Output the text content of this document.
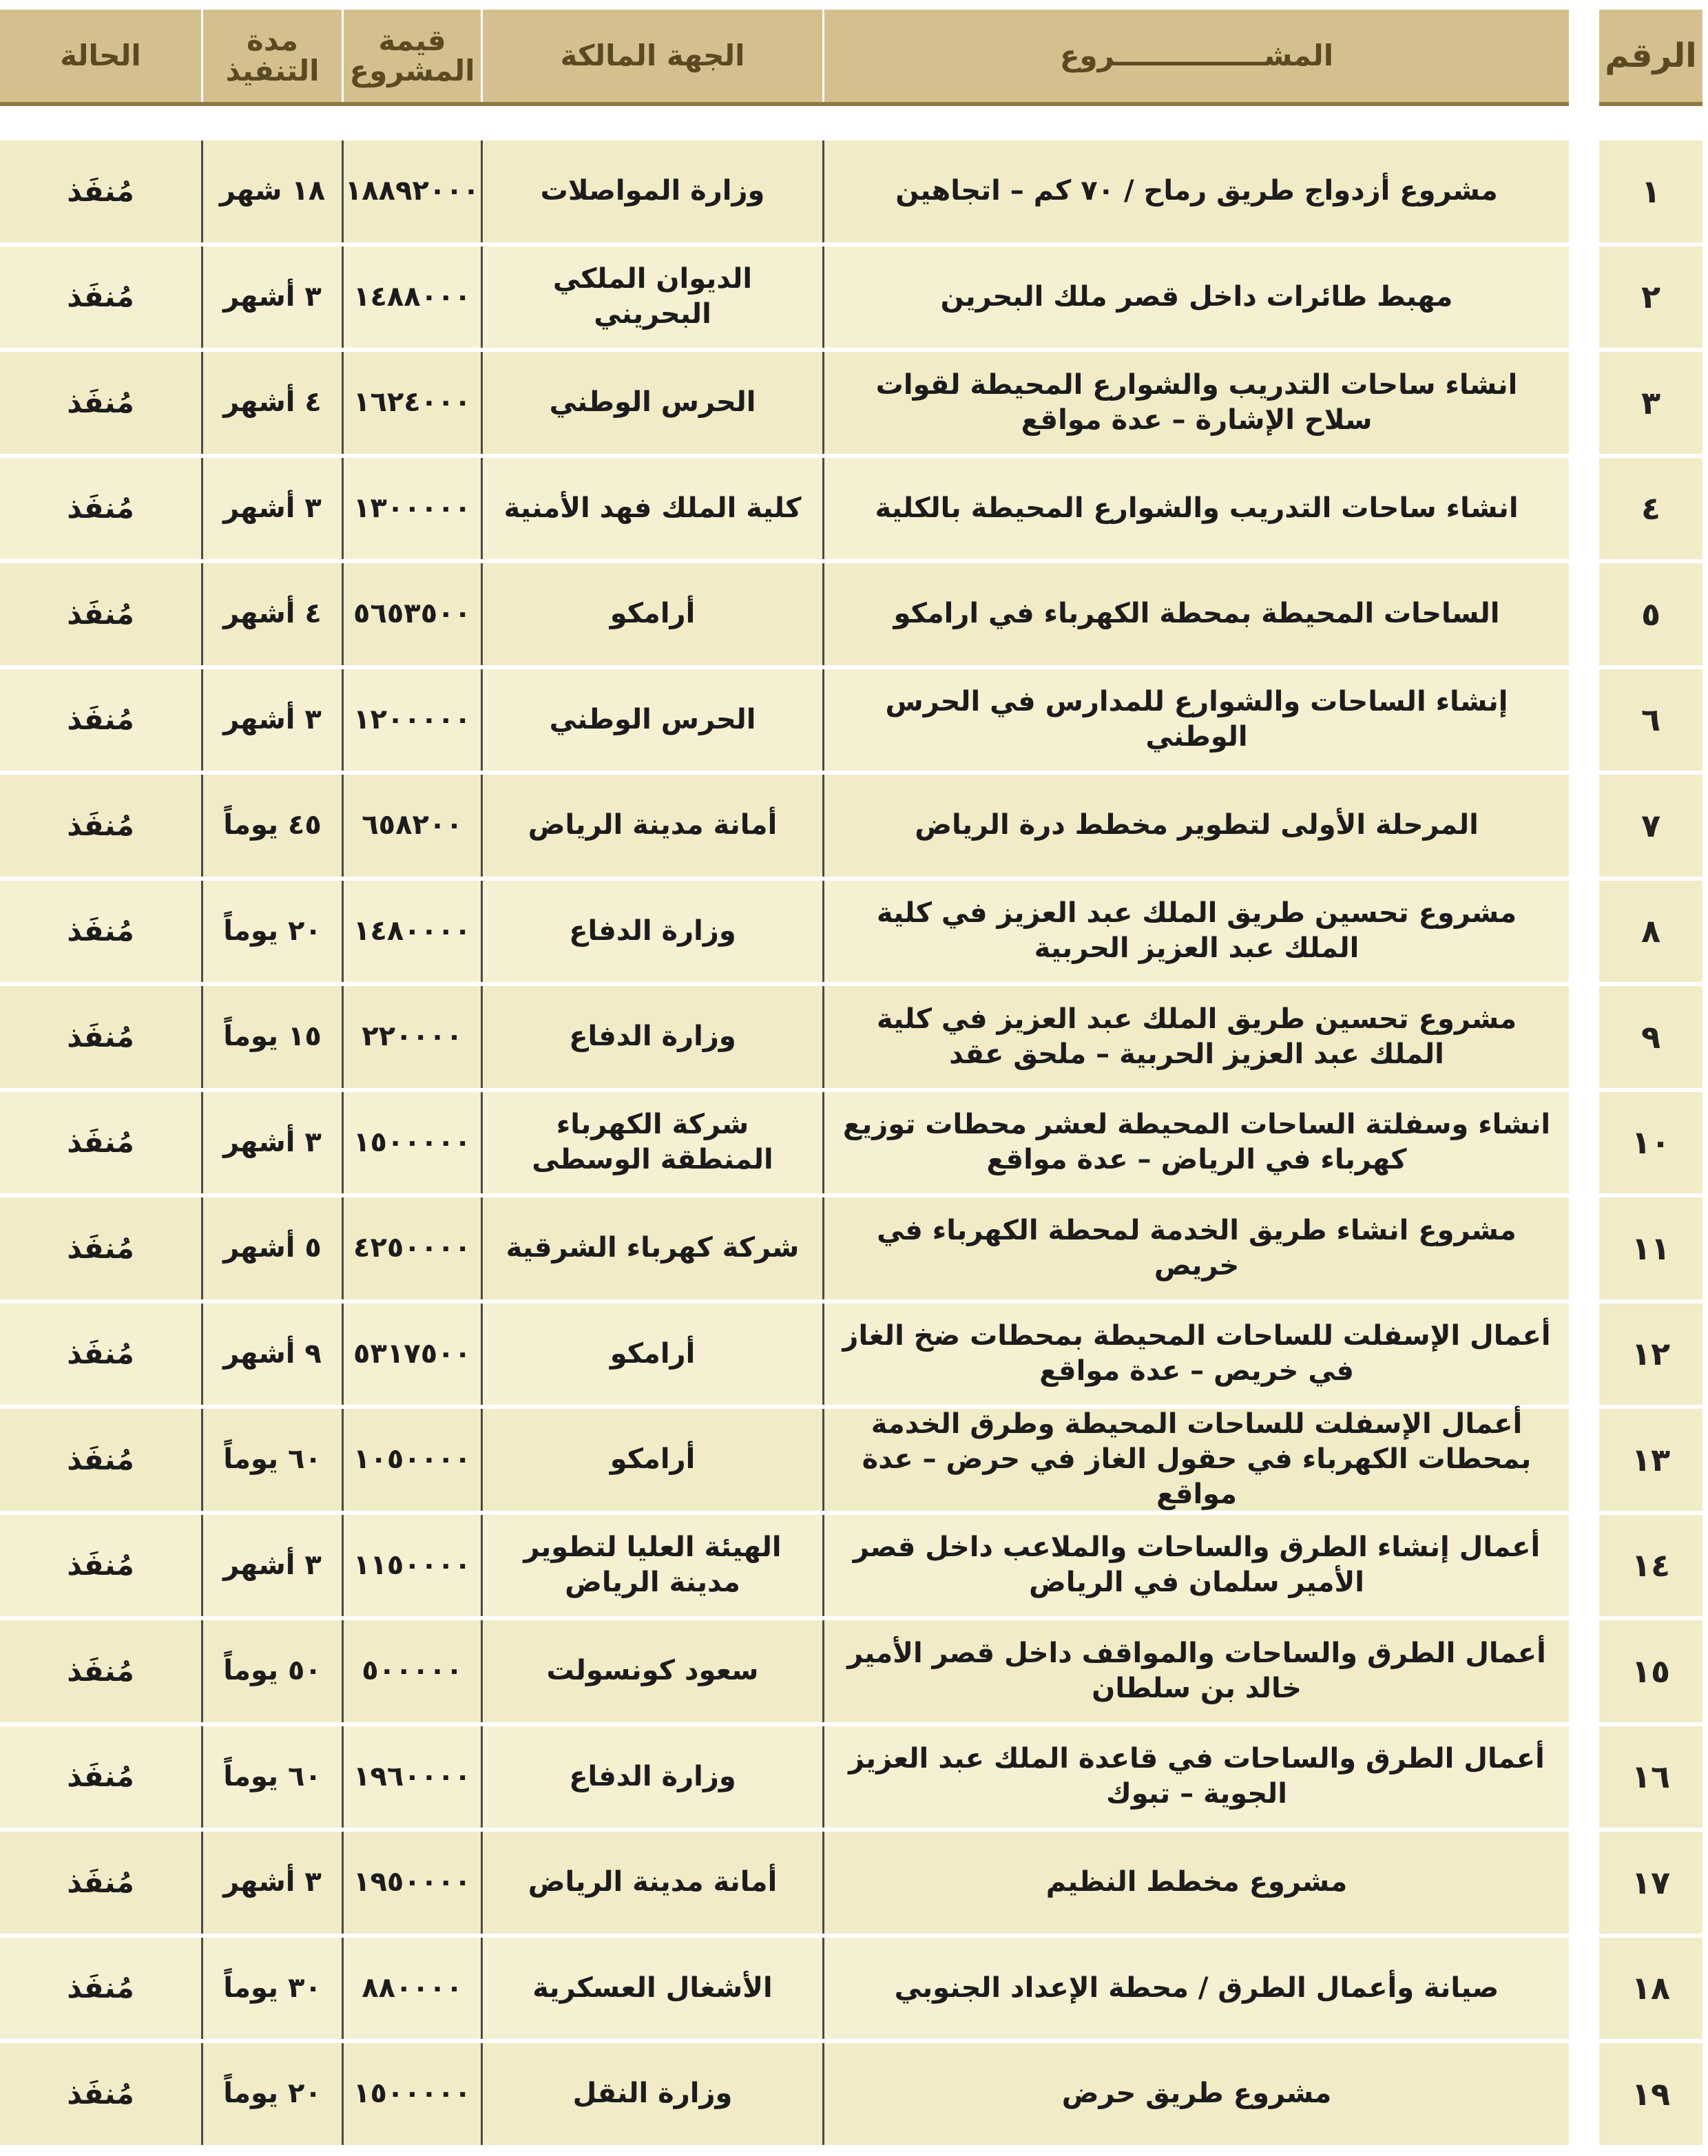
الرقم
١
٢
٣
٤
٥
٦
٧
٨
٩
١٠
١١
١٢
١٣
١٤
١٥
١٦
١٧
١٨
١٩
المشـــــــــــــــروع
الجهة المالكة
قيمة المشروع
مدة التنفيذ
الحالة
مشروع أزدواج طريق رماح / ٧٠ كم – اتجاهين
وزارة المواصلات
١٨٨٩٢٠٠٠
١٨ شهر
مُنفَذ
مهبط طائرات داخل قصر ملك البحرين
الديوان الملكي البحريني
١٤٨٨٠٠٠
٣ أشهر
مُنفَذ
انشاء ساحات التدريب والشوارع المحيطة لقوات سلاح الإشارة – عدة مواقع
الحرس الوطني
١٦٢٤٠٠٠
٤ أشهر
مُنفَذ
انشاء ساحات التدريب والشوارع المحيطة بالكلية
كلية الملك فهد الأمنية
١٣٠٠٠٠٠
٣ أشهر
مُنفَذ
الساحات المحيطة بمحطة الكهرباء في ارامكو
أرامكو
٥٦٥٣٥٠٠
٤ أشهر
مُنفَذ
إنشاء الساحات والشوارع للمدارس في الحرس الوطني
الحرس الوطني
١٢٠٠٠٠٠
٣ أشهر
مُنفَذ
المرحلة الأولى لتطوير مخطط درة الرياض
أمانة مدينة الرياض
٦٥٨٢٠٠
٤٥ يوماً
مُنفَذ
مشروع تحسين طريق الملك عبد العزيز في كلية الملك عبد العزيز الحربية
وزارة الدفاع
١٤٨٠٠٠٠
٢٠ يوماً
مُنفَذ
مشروع تحسين طريق الملك عبد العزيز في كلية الملك عبد العزيز الحربية – ملحق عقد
وزارة الدفاع
٢٢٠٠٠٠
١٥ يوماً
مُنفَذ
انشاء وسفلتة الساحات المحيطة لعشر محطات توزيع كهرباء في الرياض – عدة مواقع
شركة الكهرباء المنطقة الوسطى
١٥٠٠٠٠٠
٣ أشهر
مُنفَذ
مشروع انشاء طريق الخدمة لمحطة الكهرباء في خريص
شركة كهرباء الشرقية
٤٢٥٠٠٠٠
٥ أشهر
مُنفَذ
أعمال الإسفلت للساحات المحيطة بمحطات ضخ الغاز في خريص – عدة مواقع
أرامكو
٥٣١٧٥٠٠
٩ أشهر
مُنفَذ
أعمال الإسفلت للساحات المحيطة وطرق الخدمة بمحطات الكهرباء في حقول الغاز في حرض – عدة مواقع
أرامكو
١٠٥٠٠٠٠
٦٠ يوماً
مُنفَذ
أعمال إنشاء الطرق والساحات والملاعب داخل قصر الأمير سلمان في الرياض
الهيئة العليا لتطوير مدينة الرياض
١١٥٠٠٠٠
٣ أشهر
مُنفَذ
أعمال الطرق والساحات والمواقف داخل قصر الأمير خالد بن سلطان
سعود كونسولت
٥٠٠٠٠٠
٥٠ يوماً
مُنفَذ
أعمال الطرق والساحات في قاعدة الملك عبد العزيز الجوية – تبوك
وزارة الدفاع
١٩٦٠٠٠٠
٦٠ يوماً
مُنفَذ
مشروع مخطط النظيم
أمانة مدينة الرياض
١٩٥٠٠٠٠
٣ أشهر
مُنفَذ
صيانة وأعمال الطرق / محطة الإعداد الجنوبي
الأشغال العسكرية
٨٨٠٠٠٠
٣٠ يوماً
مُنفَذ
مشروع طريق حرض
وزارة النقل
١٥٠٠٠٠٠
٢٠ يوماً
مُنفَذ
